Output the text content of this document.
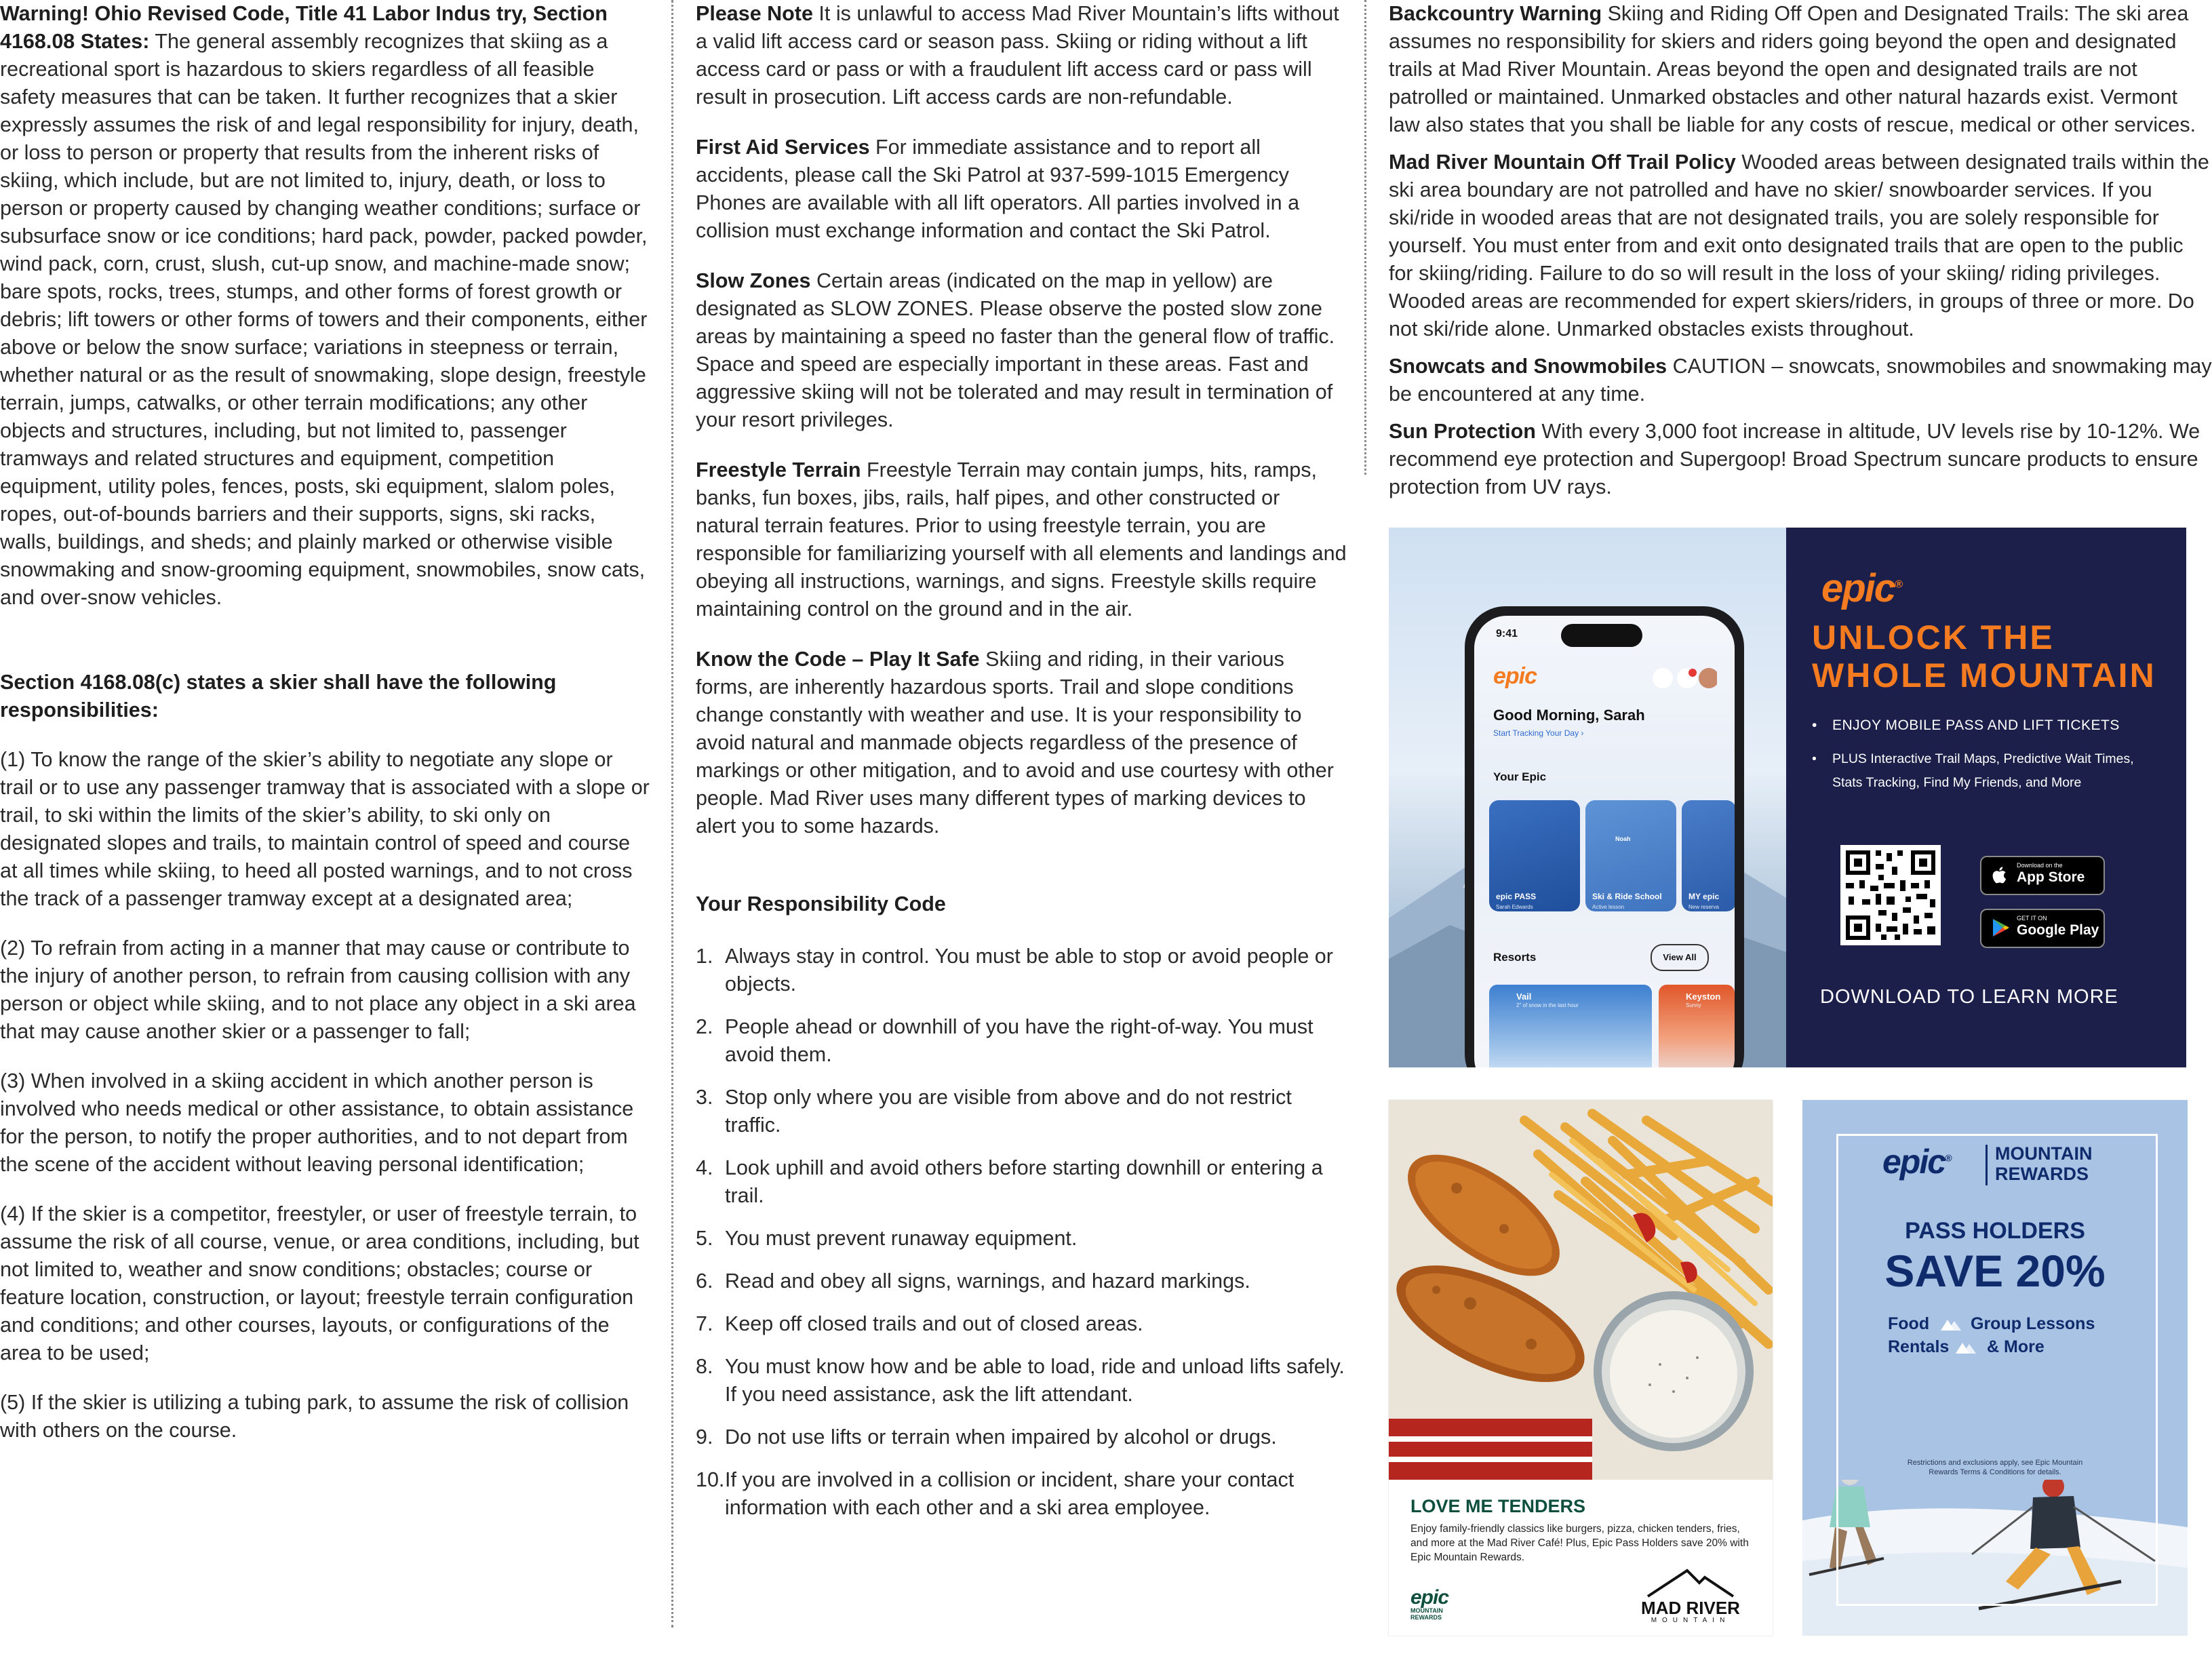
Warning! Ohio Revised Code, Title 41 Labor Indus try, Section 4168.08 States: The general assembly recognizes that skiing as a recreational sport is hazardous to skiers regardless of all feasible safety measures that can be taken. It further recognizes that a skier expressly assumes the risk of and legal responsibility for injury, death, or loss to person or property that results from the inherent risks of skiing, which include, but are not limited to, injury, death, or loss to person or property caused by changing weather conditions; surface or subsurface snow or ice conditions; hard pack, powder, packed powder, wind pack, corn, crust, slush, cut-up snow, and machine-made snow; bare spots, rocks, trees, stumps, and other forms of forest growth or debris; lift towers or other forms of towers and their components, either above or below the snow surface; variations in steepness or terrain, whether natural or as the result of snowmaking, slope design, freestyle terrain, jumps, catwalks, or other terrain modifications; any other objects and structures, including, but not limited to, passenger tramways and related structures and equipment, competition equipment, utility poles, fences, posts, ski equipment, slalom poles, ropes, out-of-bounds barriers and their supports, signs, ski racks, walls, buildings, and sheds; and plainly marked or otherwise visible snowmaking and snow-grooming equipment, snowmobiles, snow cats, and over-snow vehicles.

Section 4168.08(c) states a skier shall have the following responsibilities:

(1) To know the range of the skier’s ability to negotiate any slope or trail or to use any passenger tramway that is associated with a slope or trail, to ski within the limits of the skier’s ability, to ski only on designated slopes and trails, to maintain control of speed and course at all times while skiing, to heed all posted warnings, and to not cross the track of a passenger tramway except at a designated area;

(2) To refrain from acting in a manner that may cause or contribute to the injury of another person, to refrain from causing collision with any person or object while skiing, and to not place any object in a ski area that may cause another skier or a passenger to fall;

(3) When involved in a skiing accident in which another person is involved who needs medical or other assistance, to obtain assistance for the person, to notify the proper authorities, and to not depart from the scene of the accident without leaving personal identification;

(4) If the skier is a competitor, freestyler, or user of freestyle terrain, to assume the risk of all course, venue, or area conditions, including, but not limited to, weather and snow conditions; obstacles; course or feature location, construction, or layout; freestyle terrain configuration and conditions; and other courses, layouts, or configurations of the area to be used;

(5) If the skier is utilizing a tubing park, to assume the risk of collision with others on the course.

Please Note It is unlawful to access Mad River Mountain’s lifts without a valid lift access card or season pass. Skiing or riding without a lift access card or pass or with a fraudulent lift access card or pass will result in prosecution. Lift access cards are non-refundable.

First Aid Services For immediate assistance and to report all accidents, please call the Ski Patrol at 937-599-1015 Emergency Phones are available with all lift operators. All parties involved in a collision must exchange information and contact the Ski Patrol.

Slow Zones Certain areas (indicated on the map in yellow) are designated as SLOW ZONES. Please observe the posted slow zone areas by maintaining a speed no faster than the general flow of traffic. Space and speed are especially important in these areas. Fast and aggressive skiing will not be tolerated and may result in termination of your resort privileges.

Freestyle Terrain Freestyle Terrain may contain jumps, hits, ramps, banks, fun boxes, jibs, rails, half pipes, and other constructed or natural terrain features. Prior to using freestyle terrain, you are responsible for familiarizing yourself with all elements and landings and obeying all instructions, warnings, and signs. Freestyle skills require maintaining control on the ground and in the air.

Know the Code – Play It Safe Skiing and riding, in their various forms, are inherently hazardous sports. Trail and slope conditions change constantly with weather and use. It is your responsibility to avoid natural and manmade objects regardless of the presence of markings or other mitigation, and to avoid and use courtesy with other people. Mad River uses many different types of marking devices to alert you to some hazards.

Your Responsibility Code

1. Always stay in control. You must be able to stop or avoid people or objects.
2. People ahead or downhill of you have the right-of-way. You must avoid them.
3. Stop only where you are visible from above and do not restrict traffic.
4. Look uphill and avoid others before starting downhill or entering a trail.
5. You must prevent runaway equipment.
6. Read and obey all signs, warnings, and hazard markings.
7. Keep off closed trails and out of closed areas.
8. You must know how and be able to load, ride and unload lifts safely. If you need assistance, ask the lift attendant.
9. Do not use lifts or terrain when impaired by alcohol or drugs.
10. If you are involved in a collision or incident, share your contact information with each other and a ski area employee.

Backcountry Warning Skiing and Riding Off Open and Designated Trails: The ski area assumes no responsibility for skiers and riders going beyond the open and designated trails at Mad River Mountain. Areas beyond the open and designated trails are not patrolled or maintained. Unmarked obstacles and other natural hazards exist. Vermont law also states that you shall be liable for any costs of rescue, medical or other services.

Mad River Mountain Off Trail Policy Wooded areas between designated trails within the ski area boundary are not patrolled and have no skier/ snowboarder services. If you ski/ride in wooded areas that are not designated trails, you are solely responsible for yourself. You must enter from and exit onto designated trails that are open to the public for skiing/riding. Failure to do so will result in the loss of your skiing/ riding privileges. Wooded areas are recommended for expert skiers/riders, in groups of three or more. Do not ski/ride alone. Unmarked obstacles exists throughout.

Snowcats and Snowmobiles CAUTION – snowcats, snowmobiles and snowmaking may be encountered at any time.

Sun Protection With every 3,000 foot increase in altitude, UV levels rise by 10-12%. We recommend eye protection and Supergoop! Broad Spectrum suncare products to ensure protection from UV rays.

9:41
epic
Good Morning, Sarah
Start Tracking Your Day ›
Your Epic
epic PASS
Sarah Edwards
Noah
Ski & Ride School
Active lesson
MY epic
New reserva
Resorts	View All
Vail
2" of snow in the last hour
Keyston
Sunny
epic®
UNLOCK THE WHOLE MOUNTAIN
• ENJOY MOBILE PASS AND LIFT TICKETS
•	PLUS Interactive Trail Maps, Predictive Wait Times, Stats Tracking, Find My Friends, and More
Download on the
App Store
GET IT ON
Google Play
DOWNLOAD TO LEARN MORE
LOVE ME TENDERS
Enjoy family-friendly classics like burgers, pizza, chicken tenders, fries, and more at the Mad River Café! Plus, Epic Pass Holders save 20% with Epic Mountain Rewards.
epic
MOUNTAIN REWARDS	MAD RIVER
MOUNTAIN
epic® MOUNTAIN
REWARDS
PASS HOLDERS
SAVE 20%
Food Group Lessons
Rentals & More
Restrictions and exclusions apply, see Epic Mountain Rewards Terms & Conditions for details.
